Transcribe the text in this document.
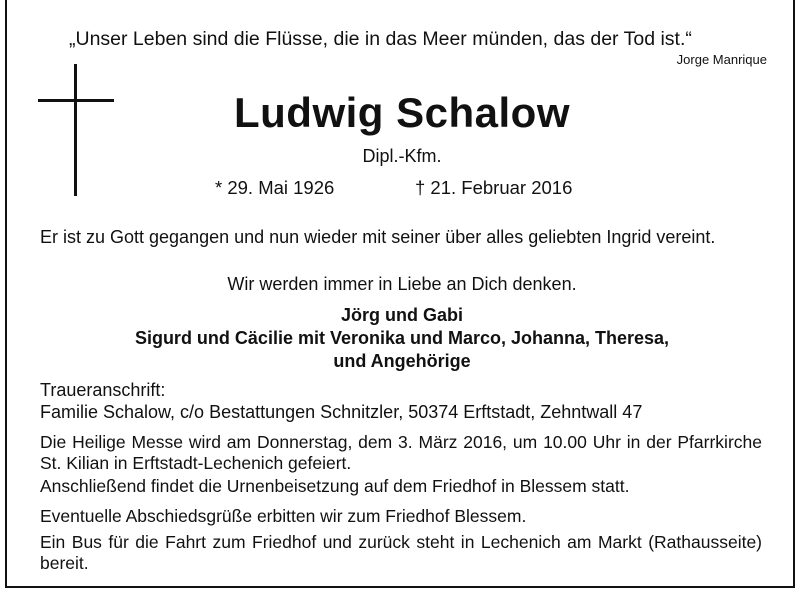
„Unser Leben sind die Flüsse, die in das Meer münden, das der Tod ist.“
Jorge Manrique
Ludwig Schalow
Dipl.-Kfm.
* 29. Mai 1926	† 21. Februar 2016
Er ist zu Gott gegangen und nun wieder mit seiner über alles geliebten Ingrid vereint.
Wir werden immer in Liebe an Dich denken.
Jörg und Gabi
Sigurd und Cäcilie mit Veronika und Marco, Johanna, Theresa,
und Angehörige
Traueranschrift:
Familie Schalow, c/o Bestattungen Schnitzler, 50374 Erftstadt, Zehntwall 47
Die Heilige Messe wird am Donnerstag, dem 3. März 2016, um 10.00 Uhr in der Pfarrkirche St. Kilian in Erftstadt-Lechenich gefeiert.
Anschließend findet die Urnenbeisetzung auf dem Friedhof in Blessem statt.
Eventuelle Abschiedsgrüße erbitten wir zum Friedhof Blessem.
Ein Bus für die Fahrt zum Friedhof und zurück steht in Lechenich am Markt (Rathausseite) bereit.
